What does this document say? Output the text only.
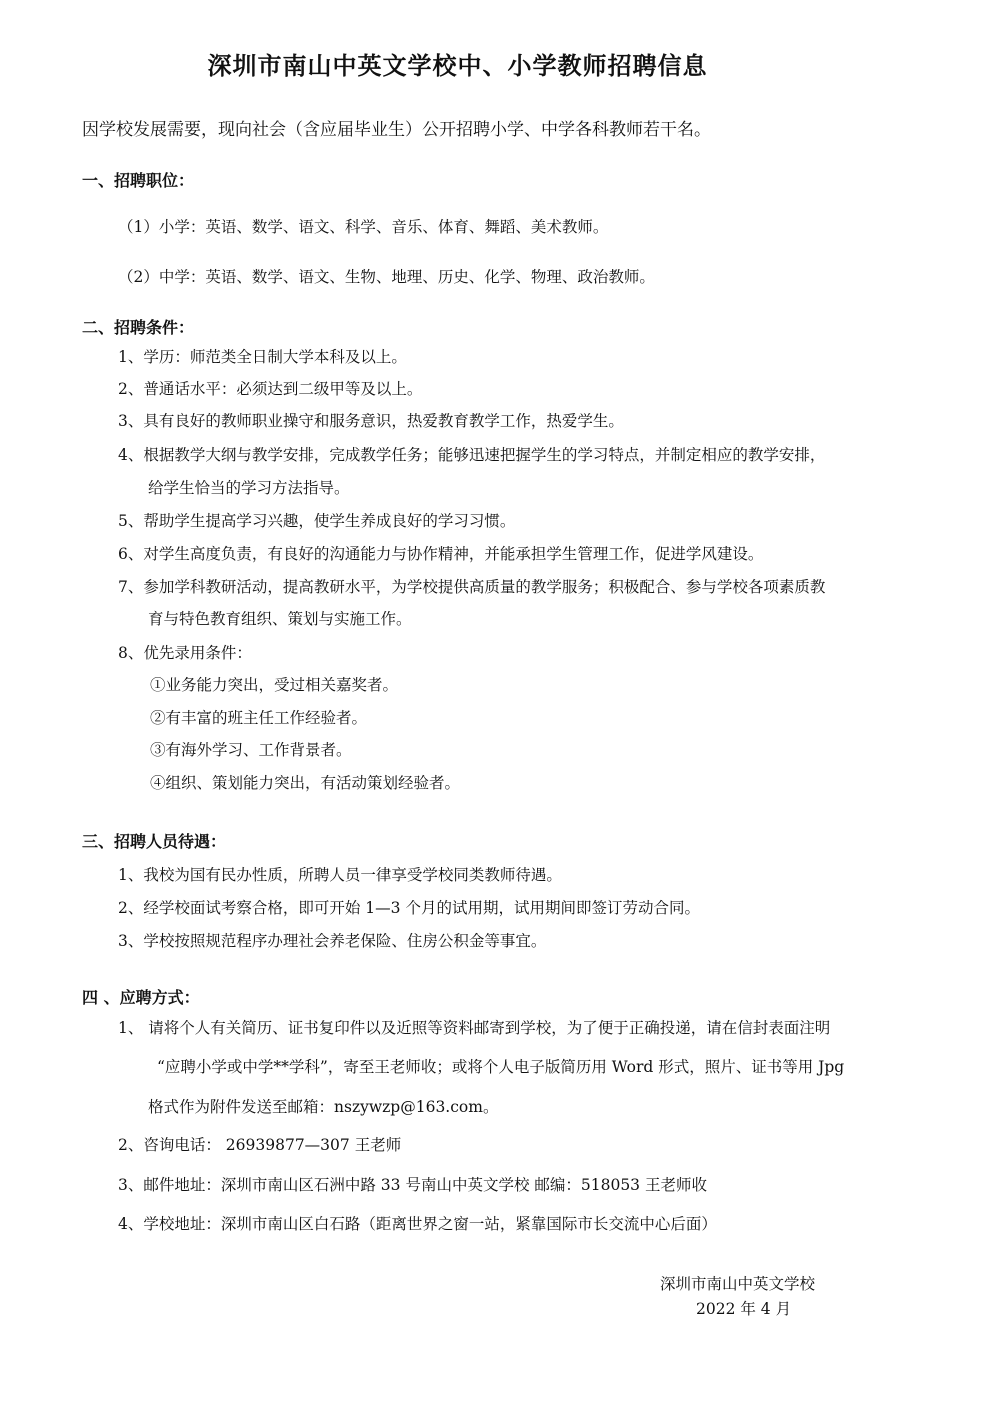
深圳市南山中英文学校中、小学教师招聘信息
因学校发展需要，现向社会（含应届毕业生）公开招聘小学、中学各科教师若干名。
一、招聘职位：
（1）小学：英语、数学、语文、科学、音乐、体育、舞蹈、美术教师。
（2）中学：英语、数学、语文、生物、地理、历史、化学、物理、政治教师。
二、招聘条件：
1、学历：师范类全日制大学本科及以上。
2、普通话水平：必须达到二级甲等及以上。
3、具有良好的教师职业操守和服务意识，热爱教育教学工作，热爱学生。
4、根据教学大纲与教学安排，完成教学任务；能够迅速把握学生的学习特点，并制定相应的教学安排，
给学生恰当的学习方法指导。
5、帮助学生提高学习兴趣，使学生养成良好的学习习惯。
6、对学生高度负责，有良好的沟通能力与协作精神，并能承担学生管理工作，促进学风建设。
7、参加学科教研活动，提高教研水平，为学校提供高质量的教学服务；积极配合、参与学校各项素质教
育与特色教育组织、策划与实施工作。
8、优先录用条件：
①业务能力突出，受过相关嘉奖者。
②有丰富的班主任工作经验者。
③有海外学习、工作背景者。
④组织、策划能力突出，有活动策划经验者。
三、招聘人员待遇：
1、我校为国有民办性质，所聘人员一律享受学校同类教师待遇。
2、经学校面试考察合格，即可开始 1—3 个月的试用期，试用期间即签订劳动合同。
3、学校按照规范程序办理社会养老保险、住房公积金等事宜。
四 、应聘方式：
1、 请将个人有关简历、证书复印件以及近照等资料邮寄到学校，为了便于正确投递，请在信封表面注明
“应聘小学或中学**学科”，寄至王老师收；或将个人电子版简历用 Word 形式，照片、证书等用 Jpg
格式作为附件发送至邮箱：nszywzp@163.com。
2、咨询电话： 26939877—307 王老师
3、邮件地址：深圳市南山区石洲中路 33 号南山中英文学校 邮编：518053 王老师收
4、学校地址：深圳市南山区白石路（距离世界之窗一站，紧靠国际市长交流中心后面）
深圳市南山中英文学校
2022 年 4 月
